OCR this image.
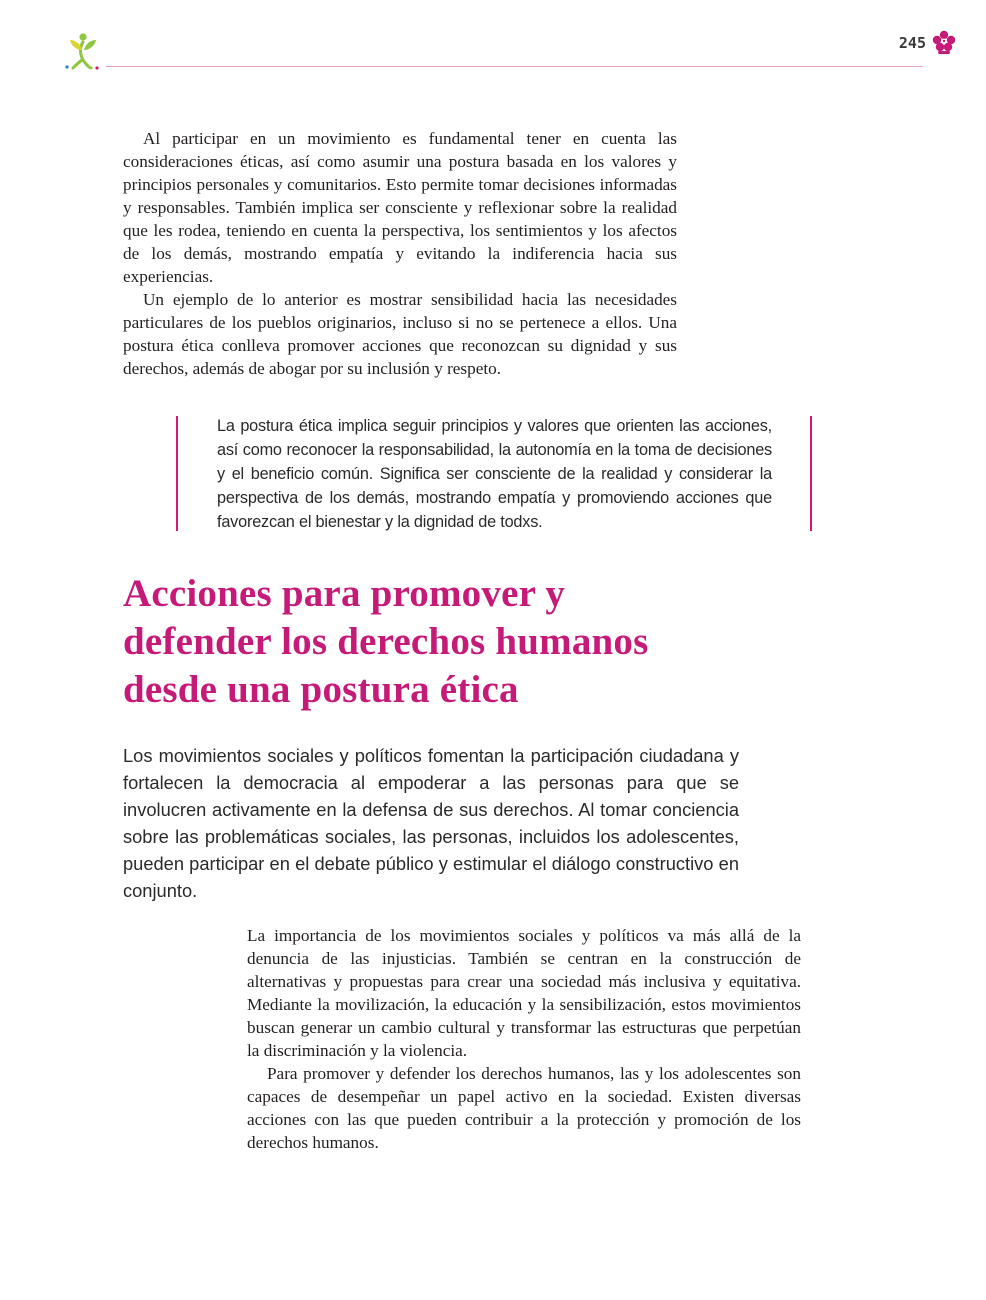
245

Al participar en un movimiento es fundamental tener en cuenta las consideraciones éticas, así como asumir una postura basada en los valores y principios personales y comunitarios. Esto permite tomar decisiones informadas y responsables. También implica ser consciente y reflexionar sobre la realidad que les rodea, teniendo en cuenta la perspectiva, los sentimientos y los afectos de los demás, mostrando empatía y evitando la indiferencia hacia sus experiencias.

Un ejemplo de lo anterior es mostrar sensibilidad hacia las necesidades particulares de los pueblos originarios, incluso si no se pertenece a ellos. Una postura ética conlleva promover acciones que reconozcan su dignidad y sus derechos, además de abogar por su inclusión y respeto.

La postura ética implica seguir principios y valores que orienten las acciones, así como reconocer la responsabilidad, la autonomía en la toma de decisiones y el beneficio común. Significa ser consciente de la realidad y considerar la perspectiva de los demás, mostrando empatía y promoviendo acciones que favorezcan el bienestar y la dignidad de todxs.
Acciones para promover y
defender los derechos humanos
desde una postura ética

Los movimientos sociales y políticos fomentan la participación ciudadana y fortalecen la democracia al empoderar a las personas para que se involucren activamente en la defensa de sus derechos. Al tomar conciencia sobre las problemáticas sociales, las personas, incluidos los adolescentes, pueden participar en el debate público y estimular el diálogo constructivo en conjunto.

La importancia de los movimientos sociales y políticos va más allá de la denuncia de las injusticias. También se centran en la construcción de alternativas y propuestas para crear una sociedad más inclusiva y equitativa. Mediante la movilización, la educación y la sensibilización, estos movimientos buscan generar un cambio cultural y transformar las estructuras que perpetúan la discriminación y la violencia.

Para promover y defender los derechos humanos, las y los adolescentes son capaces de desempeñar un papel activo en la sociedad. Existen diversas acciones con las que pueden contribuir a la protección y promoción de los derechos humanos.
